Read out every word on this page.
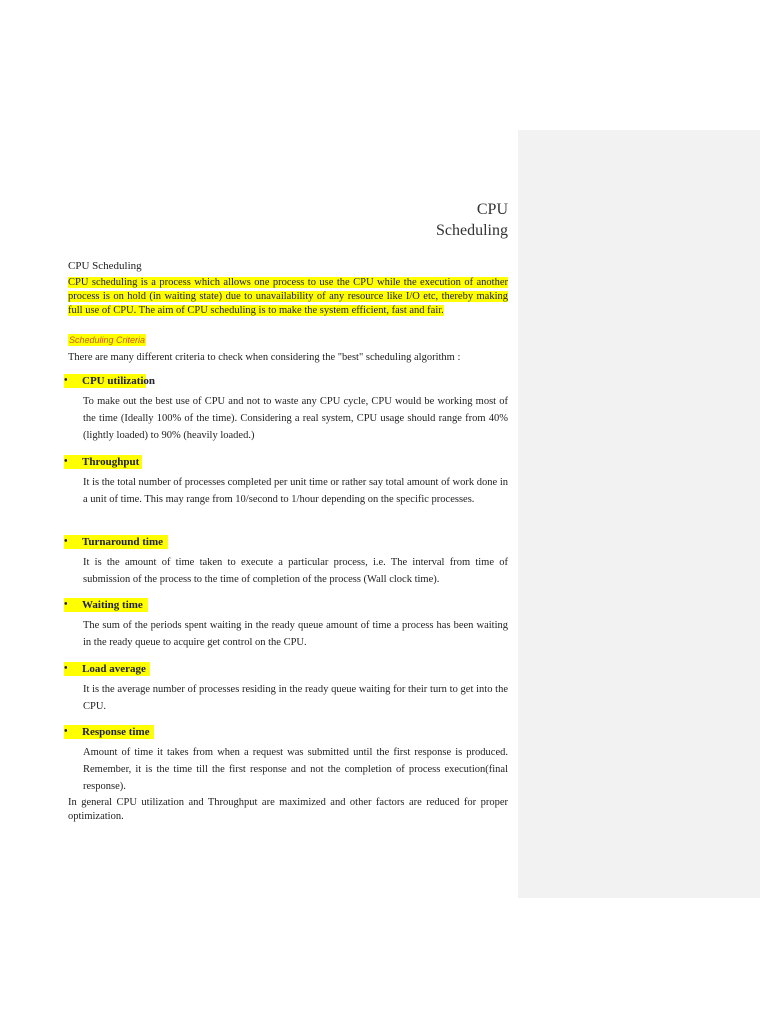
CPU
Scheduling
CPU Scheduling
CPU scheduling is a process which allows one process to use the CPU while the execution of another process is on hold (in waiting state) due to unavailability of any resource like I/O etc, thereby making full use of CPU. The aim of CPU scheduling is to make the system efficient, fast and fair.
Scheduling Criteria
There are many different criteria to check when considering the "best" scheduling algorithm :
• CPU utilization
To make out the best use of CPU and not to waste any CPU cycle, CPU would be working most of the time (Ideally 100% of the time). Considering a real system, CPU usage should range from 40% (lightly loaded) to 90% (heavily loaded.)
• Throughput
It is the total number of processes completed per unit time or rather say total amount of work done in a unit of time. This may range from 10/second to 1/hour depending on the specific processes.
• Turnaround time
It is the amount of time taken to execute a particular process, i.e. The interval from time of submission of the process to the time of completion of the process (Wall clock time).
• Waiting time
The sum of the periods spent waiting in the ready queue amount of time a process has been waiting in the ready queue to acquire get control on the CPU.
• Load average
It is the average number of processes residing in the ready queue waiting for their turn to get into the CPU.
• Response time
Amount of time it takes from when a request was submitted until the first response is produced. Remember, it is the time till the first response and not the completion of process execution(final response).
In general CPU utilization and Throughput are maximized and other factors are reduced for proper optimization.
